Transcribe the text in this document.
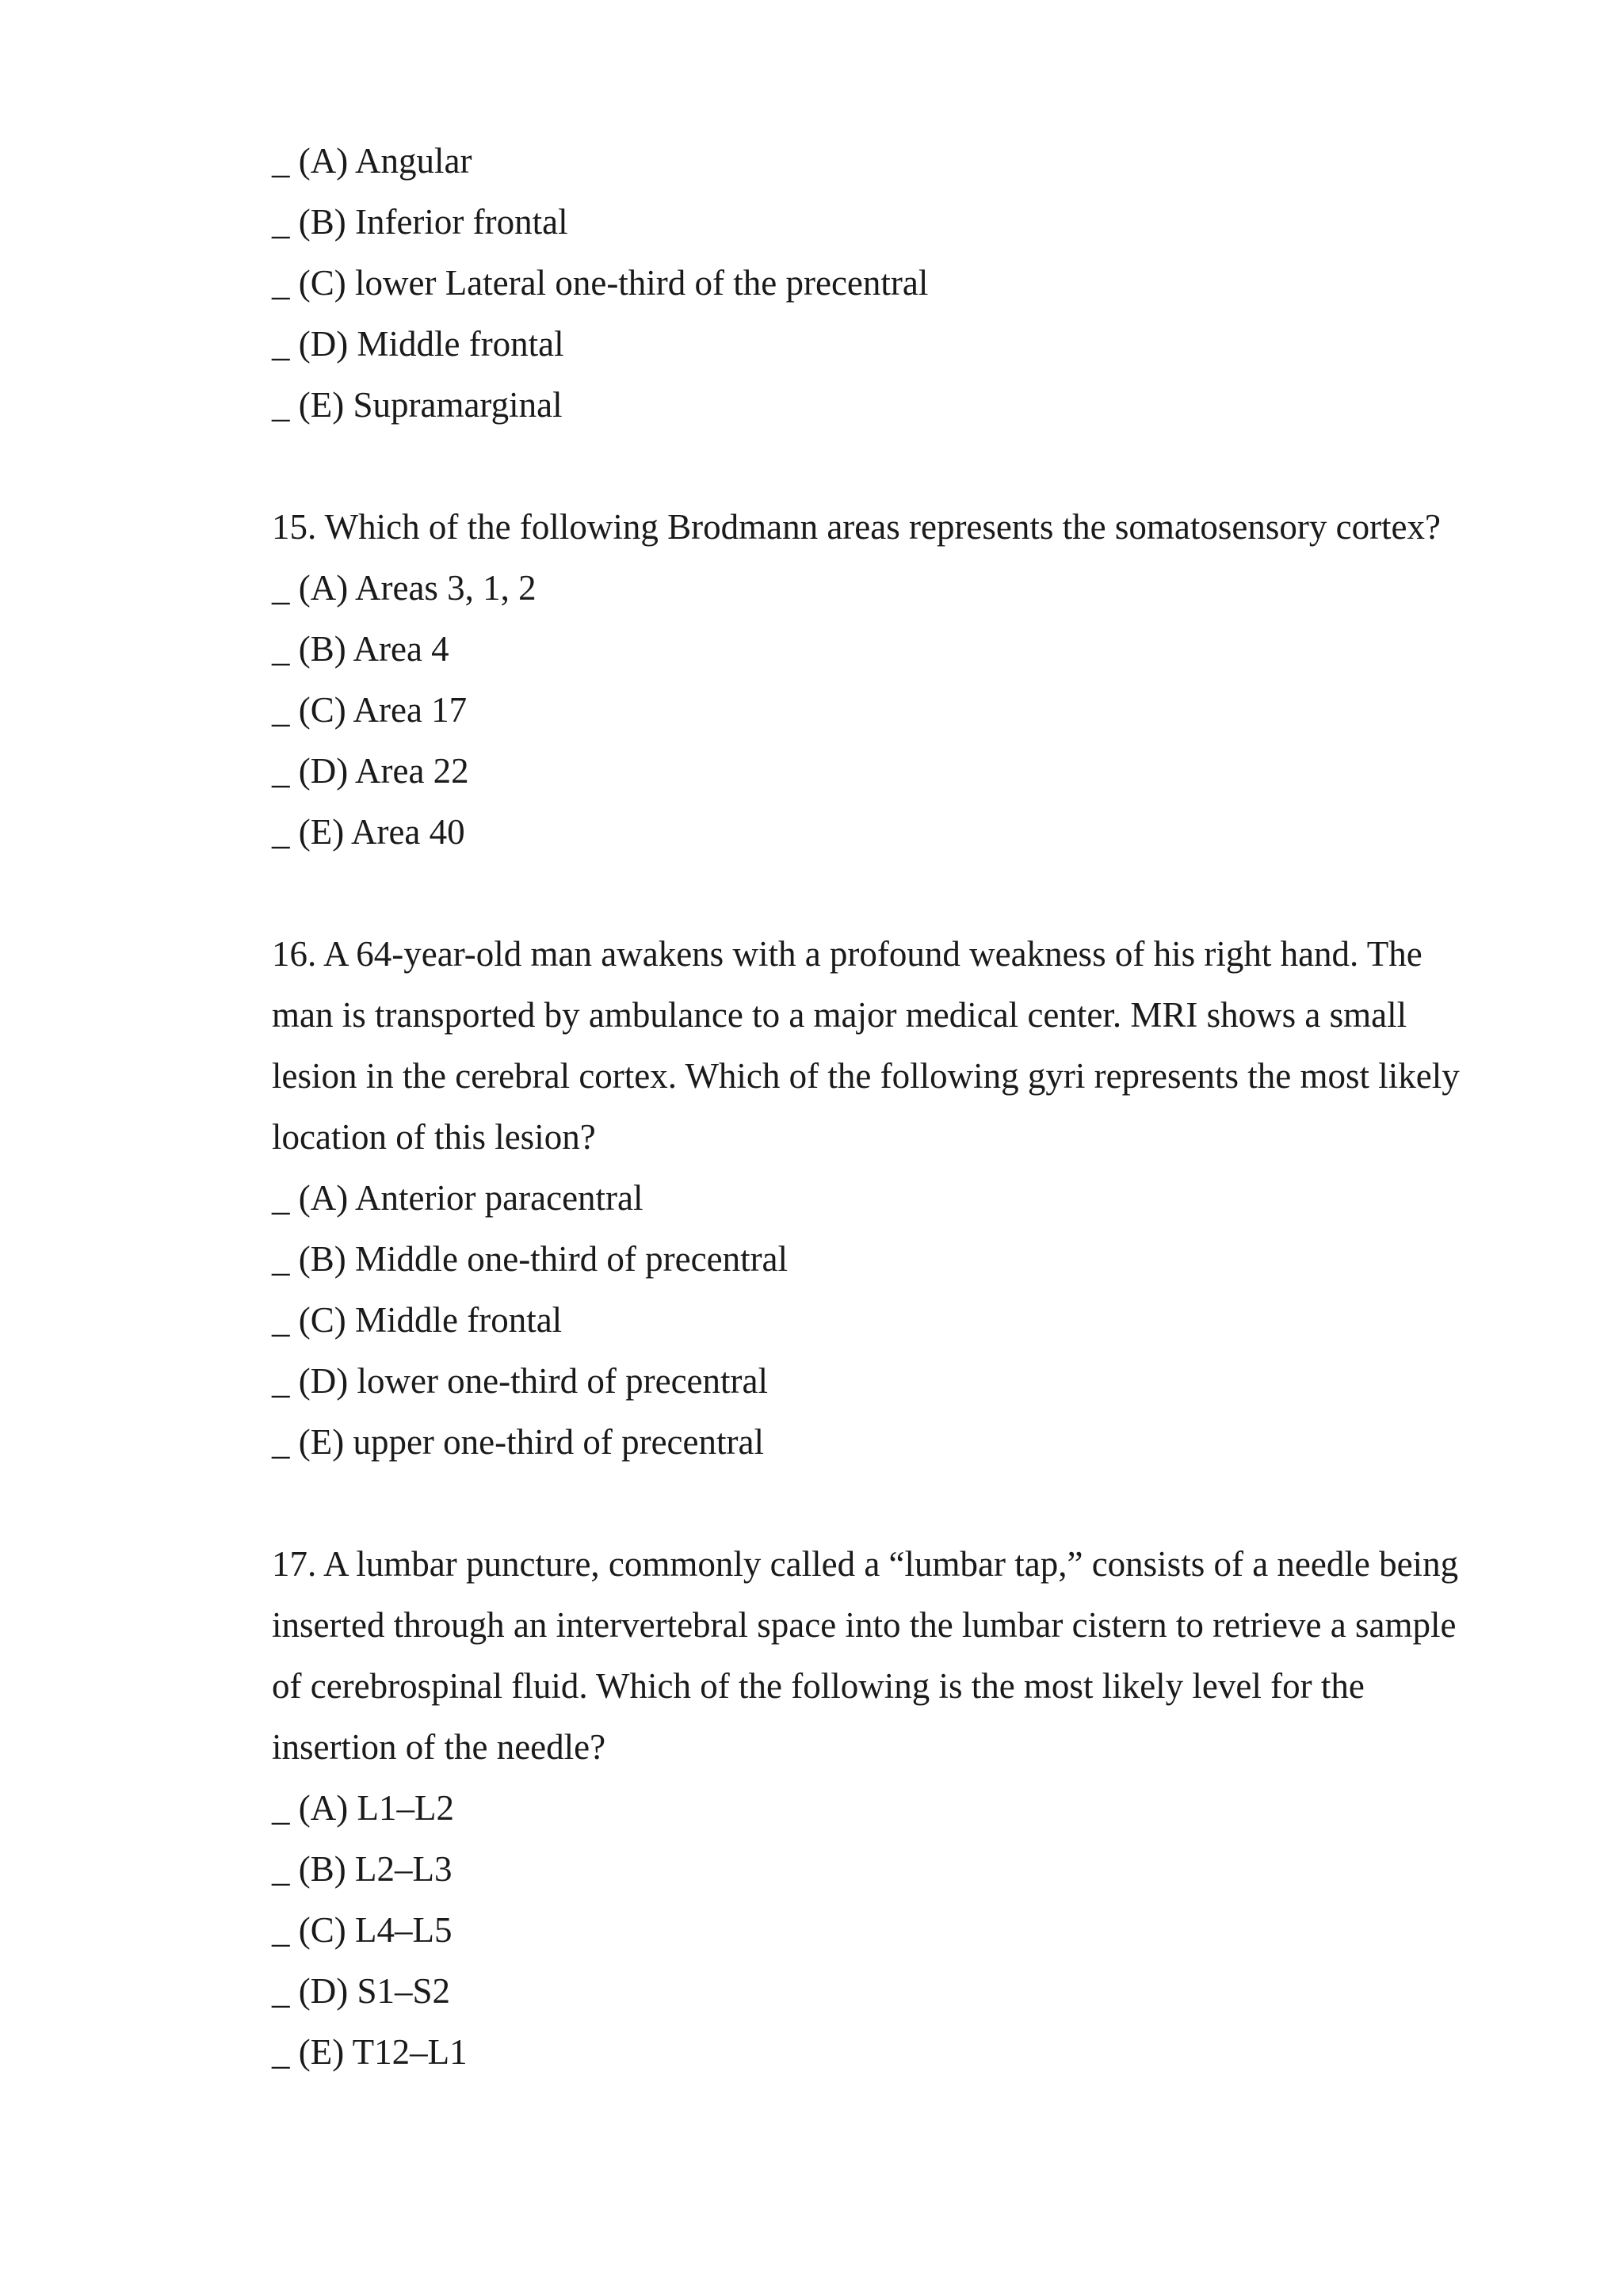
_ (A) Angular

_ (B) Inferior frontal

_ (C) lower Lateral one-third of the precentral

_ (D) Middle frontal

_ (E) Supramarginal

15. Which of the following Brodmann areas represents the somatosensory cortex?

_ (A) Areas 3, 1, 2

_ (B) Area 4

_ (C) Area 17

_ (D) Area 22

_ (E) Area 40

16. A 64-year-old man awakens with a profound weakness of his right hand. The

man is transported by ambulance to a major medical center. MRI shows a small

lesion in the cerebral cortex. Which of the following gyri represents the most likely

location of this lesion?

_ (A) Anterior paracentral

_ (B) Middle one-third of precentral

_ (C) Middle frontal

_ (D) lower one-third of precentral

_ (E) upper one-third of precentral

17. A lumbar puncture, commonly called a “lumbar tap,” consists of a needle being

inserted through an intervertebral space into the lumbar cistern to retrieve a sample

of cerebrospinal fluid. Which of the following is the most likely level for the

insertion of the needle?

_ (A) L1–L2

_ (B) L2–L3

_ (C) L4–L5

_ (D) S1–S2

_ (E) T12–L1
